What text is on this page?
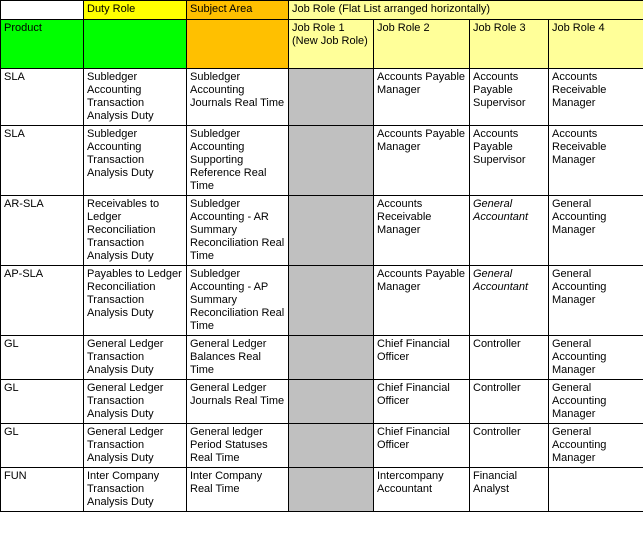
	Duty Role	Subject Area	Job Role (Flat List arranged horizontally)			
Product			Job Role 1 (New Job Role)	Job Role 2	Job Role 3	Job Role 4
SLA	Subledger Accounting Transaction Analysis Duty	Subledger Accounting Journals Real Time		Accounts Payable Manager	Accounts Payable Supervisor	Accounts Receivable Manager
SLA	Subledger Accounting Transaction Analysis Duty	Subledger Accounting Supporting Reference Real Time		Accounts Payable Manager	Accounts Payable Supervisor	Accounts Receivable Manager
AR-SLA	Receivables to Ledger Reconciliation Transaction Analysis Duty	Subledger Accounting - AR Summary Reconciliation Real Time		Accounts Receivable Manager	General Accountant	General Accounting Manager
AP-SLA	Payables to Ledger Reconciliation Transaction Analysis Duty	Subledger Accounting - AP Summary Reconciliation Real Time		Accounts Payable Manager	General Accountant	General Accounting Manager
GL	General Ledger Transaction Analysis Duty	General Ledger Balances Real Time		Chief Financial Officer	Controller	General Accounting Manager
GL	General Ledger Transaction Analysis Duty	General Ledger Journals Real Time		Chief Financial Officer	Controller	General Accounting Manager
GL	General Ledger Transaction Analysis Duty	General ledger Period Statuses Real Time		Chief Financial Officer	Controller	General Accounting Manager
FUN	Inter Company Transaction Analysis Duty	Inter Company Real Time		Intercompany Accountant	Financial Analyst	
